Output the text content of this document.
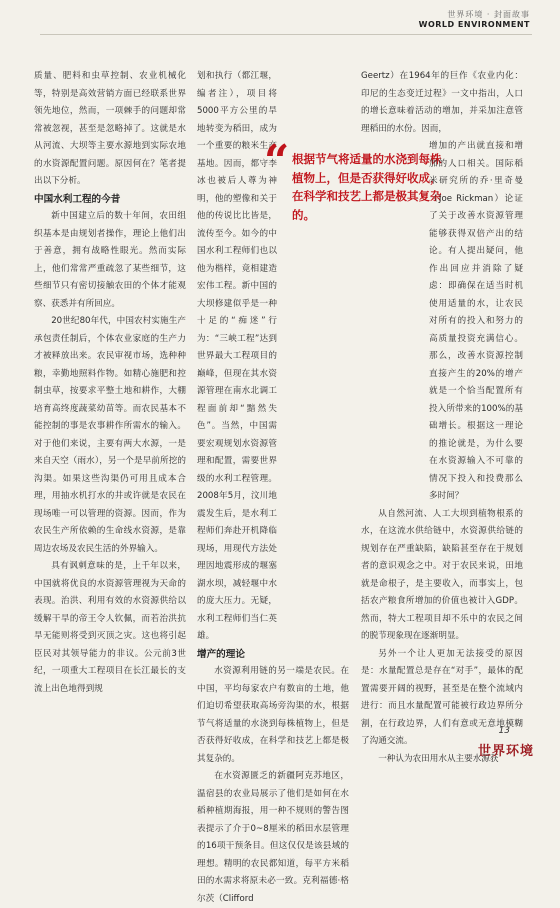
世界环境 · 封面故事
WORLD ENVIRONMENT

质量、肥料和虫草控制、农业机械化等，特别是高效营销方面已经联系世界领先地位，然而，一项棘手的问题却常常被忽视，甚至是忽略掉了。这就是水从河流、大坝等主要水源地到实际农地的水资源配置问题。原因何在？笔者提出以下分析。

中国水利工程的今昔

新中国建立后的数十年间，农田组织基本是由规划者操作，理论上他们出于善意，拥有战略性眼光。然而实际上，他们常常严重疏忽了某些细节，这些细节只有密切接触农田的个体才能观察、获悉并有所回应。

20世纪80年代，中国农村实施生产承包责任制后，个体农业家庭的生产力才被释放出来。农民审视市场，选种种粮，幸勤地照料作物。如精心施肥和控制虫草，按要求平整土地和耕作，大棚培育高终度蔬菜幼苗等。而农民基本不能控制的事是农事耕作所需水的输入。对于他们来说，主要有两大水源，一是来自天空（雨水），另一个是早前所挖的沟渠。如果这些沟渠仍可用且成本合理，用抽水机打水的井或许就是农民在现场唯一可以管理的资源。因而，作为农民生产所依赖的生命线水资源，是靠周边农场及农民生活的外界输入。

具有讽刺意味的是，上千年以来，中国就将优良的水资源管理视为天命的表现。治洪、利用有效的水资源供给以缓解干旱的帝王令人钦佩，而若治洪抗旱无能则将受到灭顶之灾。这也将引起臣民对其领导能力的非议。公元前3世纪，一项重大工程项目在长江最长的支流上出色地得到规

划和执行（都江堰，编者注），项目将5000平方公里的旱地转变为稻田，成为一个重要的粮米生产基地。因而，都守李冰也被后人尊为神明，他的塑像和关于他的传说比比皆是，流传至今。如今的中国水利工程师们也以他为楷样，竟相建造宏伟工程。新中国的大坝修建似乎是一种十足的“痴迷”行为：“三峡工程”达到世界最大工程项目的巅峰，但现在其水资源管理在南水北调工程面前却“黯然失色”。当然，中国需要宏观规划水资源管理和配置，需要世界级的水利工程管理。2008年5月，汶川地震发生后，是水利工程师们奔赴开机降临现场，用现代方法处理因地震形成的堰塞湖水坝，减轻堰中水的庞大压力。无疑，水利工程师们当仁英雄。

增产的理论

水资源利用链的另一端是农民。在中国，平均每家农户有数亩的土地，他们迫切希望获取高场旁沟渠的水，根据节气将适量的水浇到每株植物上，但是否获得好收成，在科学和技艺上都是极其复杂的。

在水资源匮乏的新疆阿克苏地区，温宿县的农业局展示了他们是如何在水稻种植期海报，用一种不规则的警告图表提示了介于0~8厘米的稻田水层管理的16项干预条目。但这仅仅是该县域的理想。精明的农民都知道，每平方米稻田的水需求将原未必一致。克利福德·格尔茨（Clifford

“ 根据节气将适量的水浇到每株植物上，但是否获得好收成，在科学和技艺上都是极其复杂的。

Geertz）在1964年的巨作《农业内化：印尼的生态变迁过程》一文中指出，人口的增长意味着活动的增加，并采加注意管理稻田的水份。因而，

增加的产出就直接和增加的人口相关。国际稻米研究所的乔·里奇曼（Joe Rickman）论证了关于改善水资源管理能够获得双倍产出的结论。有人提出疑问，他作出回应并消除了疑虑：即确保在适当时机使用适量的水，让农民对所有的投入和努力的高质量投资充满信心。那么，改善水资源控制直接产生的20%的增产就是一个恰当配置所有投入所带来的100%的基础增长。根据这一理论的推论就是，为什么要在水资源输入不可靠的情况下投入和投费那么多时间？

从自然河流、人工大坝到植物根系的水，在这流水供给链中，水资源供给链的规划存在严重缺陷，缺陷甚至存在于规划者的意识观念之中。对于农民来说，田地就是命根子，是主要收入，而事实上，包括农产粮食所增加的价值也被计入GDP。然而，特大工程项目却不乐中的农民之间的脱节现象现在逐渐明显。

另外一个让人更加无法接受的原因是：水量配置总是存在“对手”，最体的配置需要开阔的视野，甚至是在整个流域内进行：而且水量配置可能被行政边界所分割，在行政边界，人们有意或无意地模糊了沟通交流。

一种认为农田用水从主要水源获

13
世界环境
